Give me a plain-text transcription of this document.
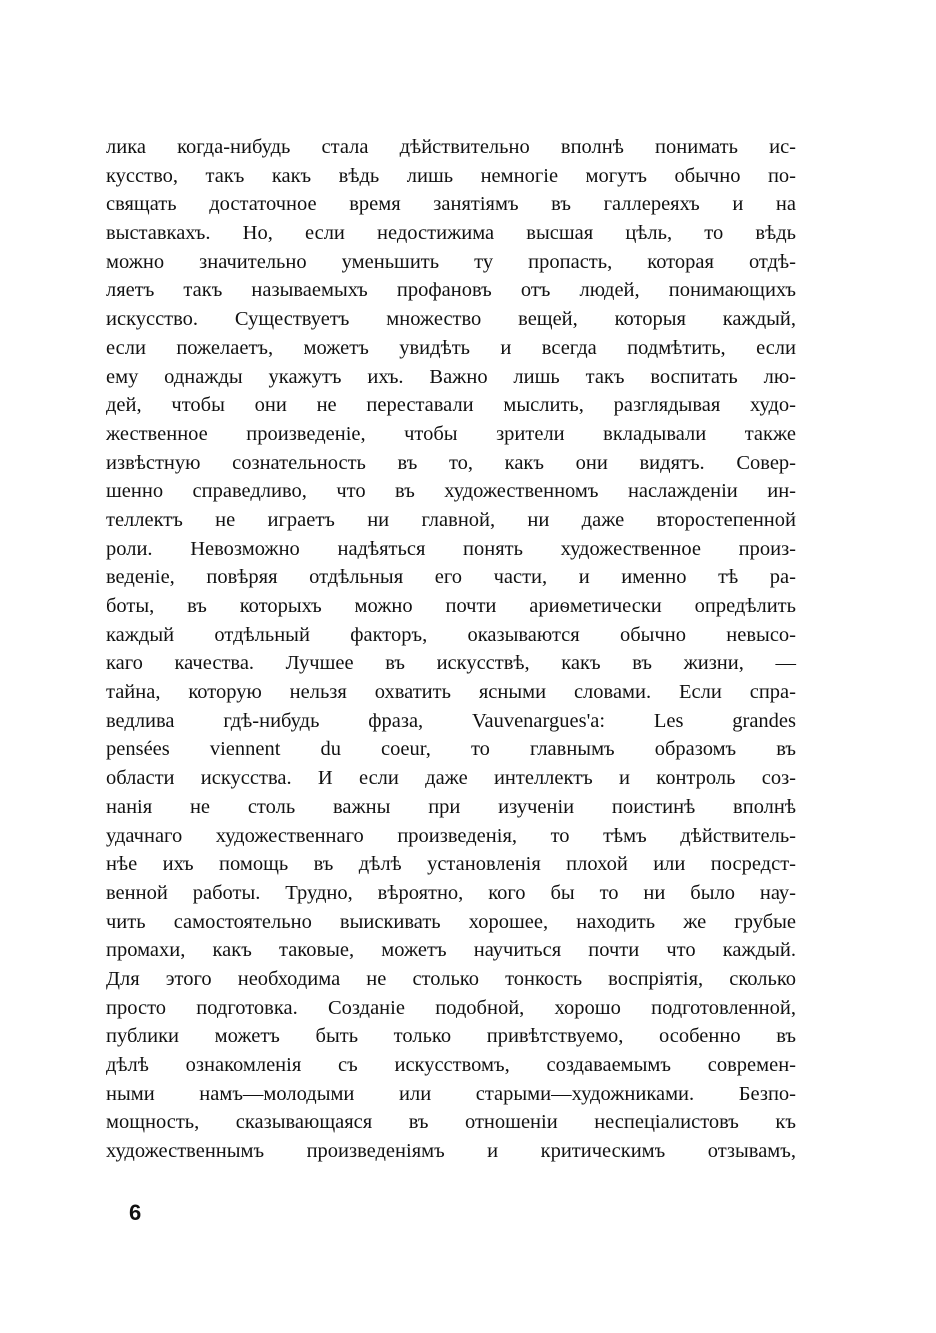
лика когда-нибудь стала дѣйствительно вполнѣ понимать ис-
кусство, такъ какъ вѣдь лишь немногіе могутъ обычно по-
свящать достаточное время занятіямъ въ галлереяхъ и на
выставкахъ. Но, если недостижима высшая цѣль, то вѣдь
можно значительно уменьшить ту пропасть, которая отдѣ-
ляетъ такъ называемыхъ профановъ отъ людей, понимающихъ
искусство. Существуетъ множество вещей, которыя каждый,
если пожелаетъ, можетъ увидѣть и всегда подмѣтить, если
ему однажды укажутъ ихъ. Важно лишь такъ воспитать лю-
дей, чтобы они не переставали мыслить, разглядывая худо-
жественное произведеніе, чтобы зрители вкладывали также
извѣстную сознательность въ то, какъ они видятъ. Совер-
шенно справедливо, что въ художественномъ наслажденіи ин-
теллектъ не играетъ ни главной, ни даже второстепенной
роли. Невозможно надѣяться понять художественное произ-
веденіе, повѣряя отдѣльныя его части, и именно тѣ ра-
боты, въ которыхъ можно почти ариѳметически опредѣлить
каждый отдѣльный факторъ, оказываются обычно невысо-
каго качества. Лучшее въ искусствѣ, какъ въ жизни, —
тайна, которую нельзя охватить ясными словами. Если спра-
ведлива гдѣ-нибудь фраза, Vauvenargues'а: Les grandes
pensées viennent du coeur, то главнымъ образомъ въ
области искусства. И если даже интеллектъ и контроль соз-
нанія не столь важны при изученіи поистинѣ вполнѣ
удачнаго художественнаго произведенія, то тѣмъ дѣйствитель-
нѣе ихъ помощь въ дѣлѣ установленія плохой или посредст-
венной работы. Трудно, вѣроятно, кого бы то ни было нау-
чить самостоятельно выискивать хорошее, находить же грубые
промахи, какъ таковые, можетъ научиться почти что каждый.
Для этого необходима не столько тонкость воспріятія, сколько
просто подготовка. Созданіе подобной, хорошо подготовленной,
публики можетъ быть только привѣтствуемо, особенно въ
дѣлѣ ознакомленія съ искусствомъ, создаваемымъ современ-
ными намъ—молодыми или старыми—художниками. Безпо-
мощность, сказывающаяся въ отношеніи неспеціалистовъ къ
художественнымъ произведеніямъ и критическимъ отзывамъ,
6
